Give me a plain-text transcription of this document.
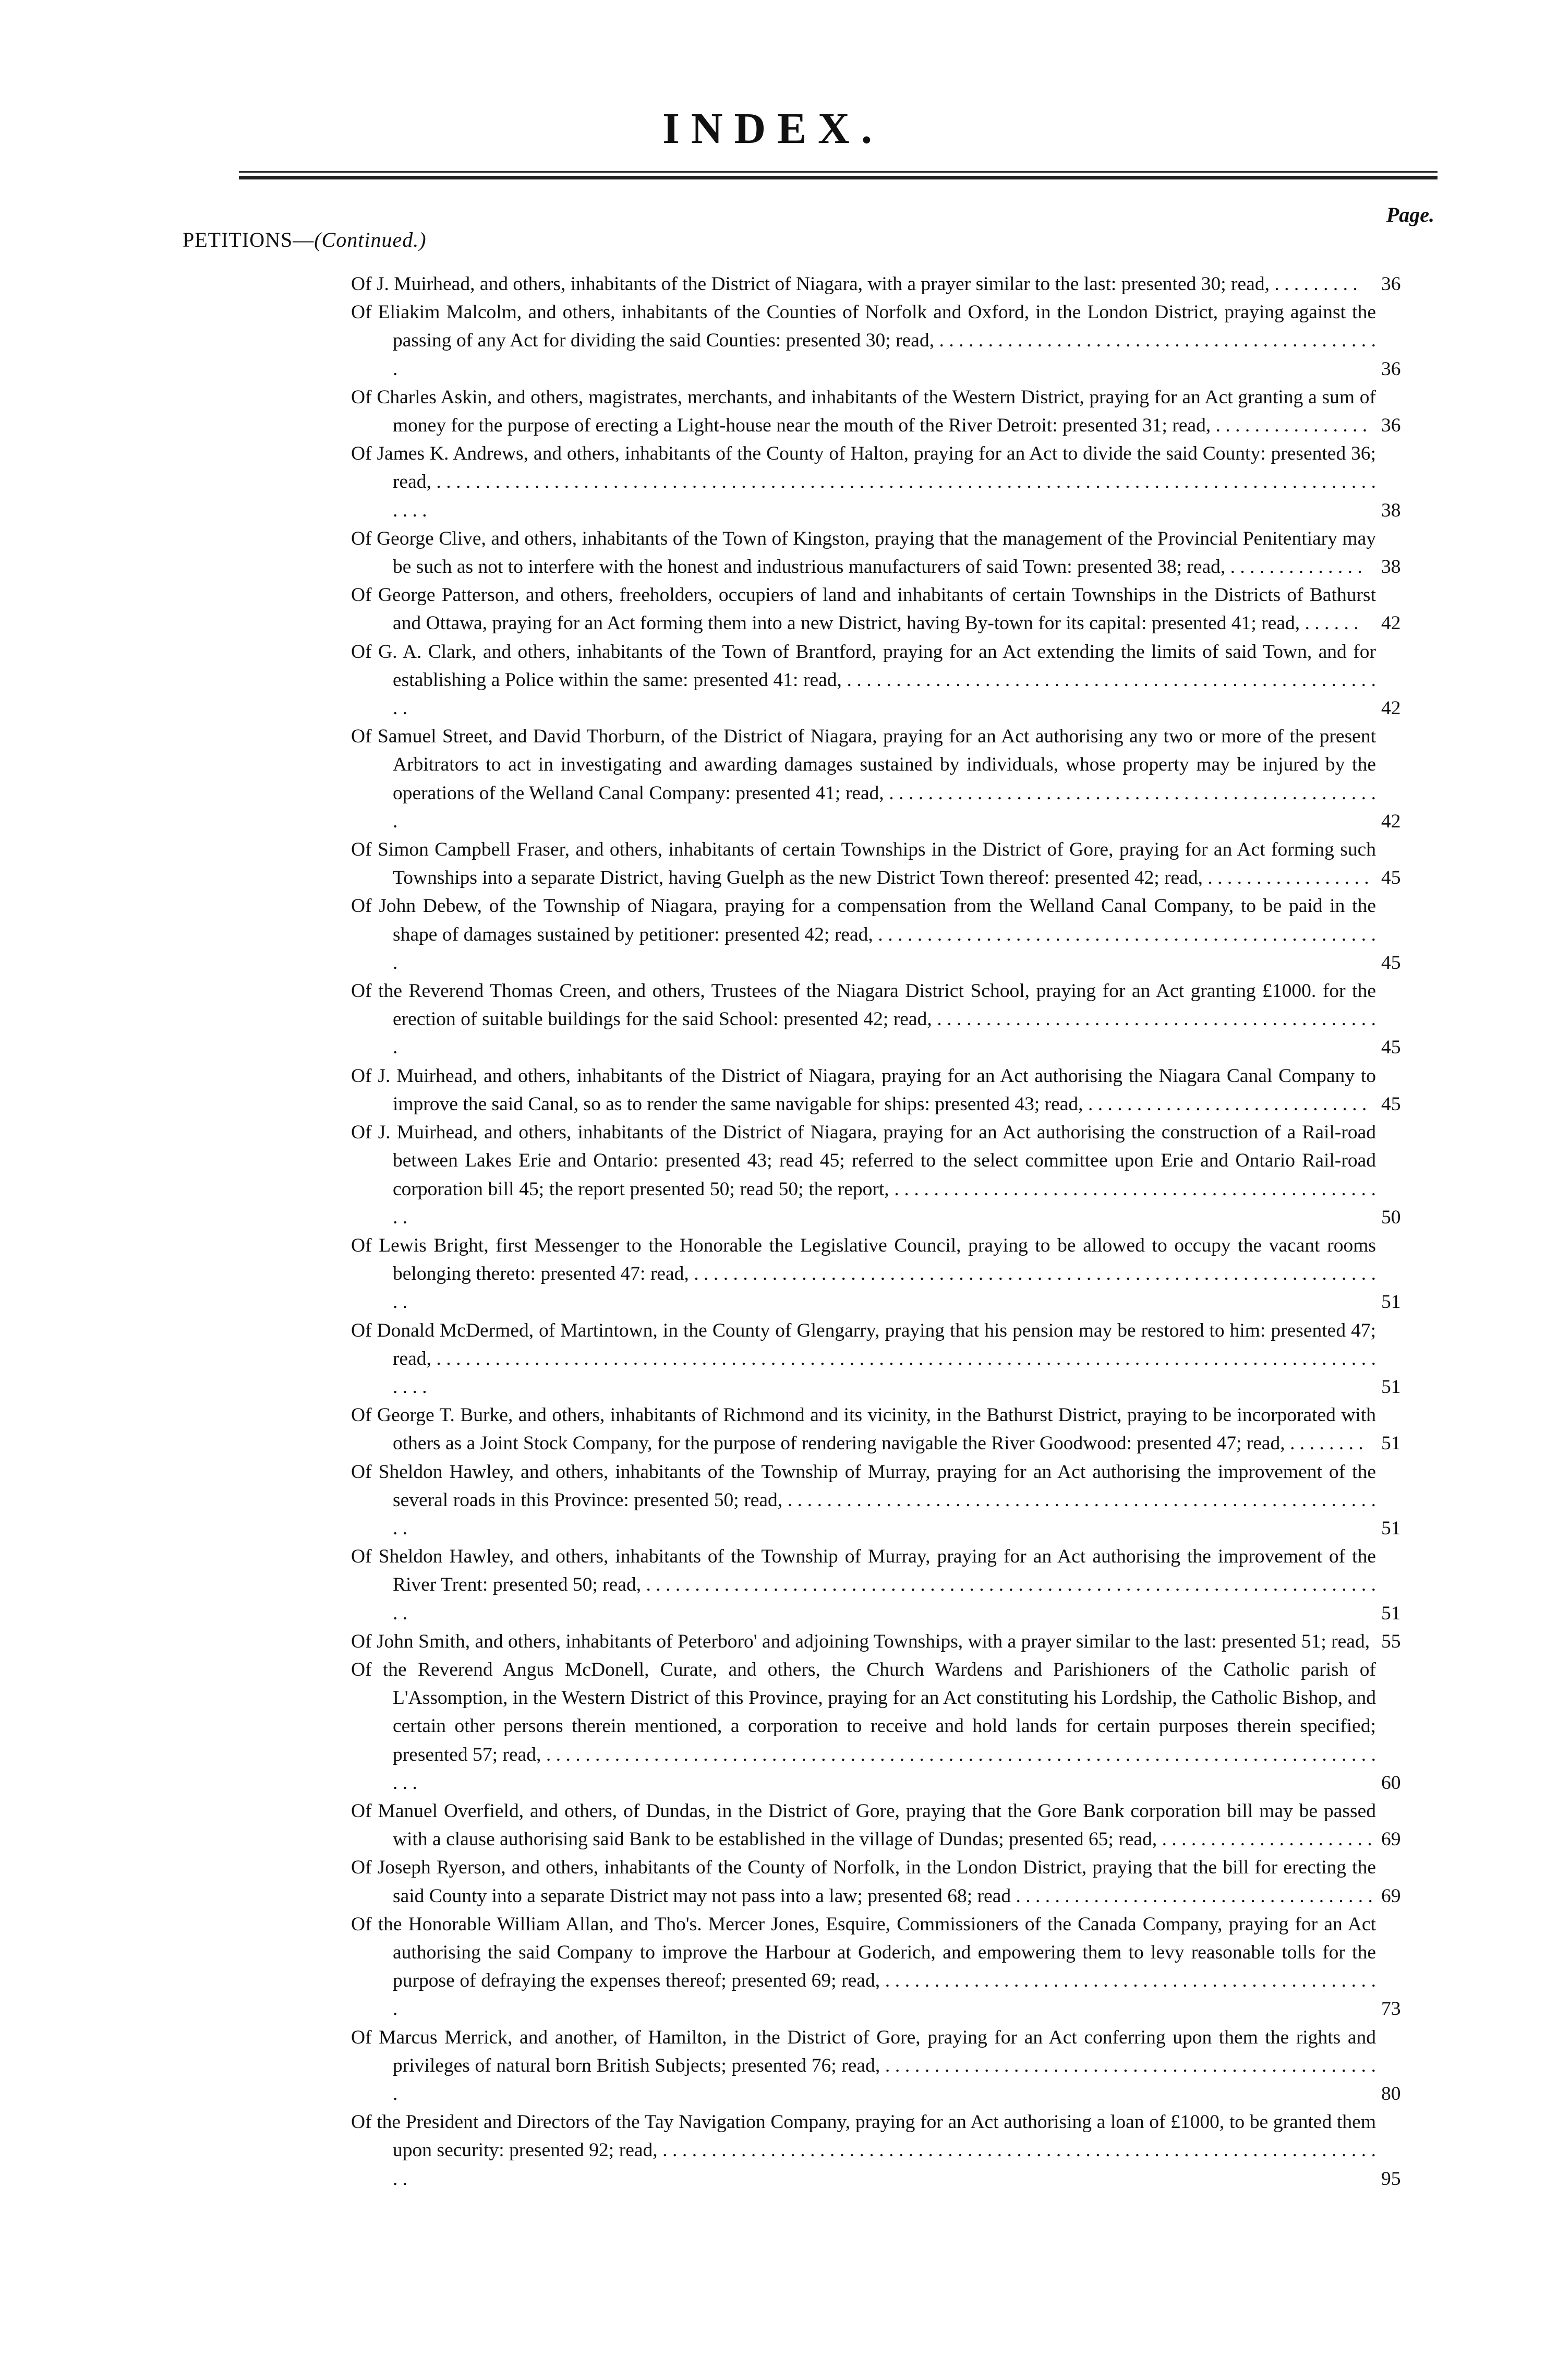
INDEX.
Page.
PETITIONS—(Continued.)
Of J. Muirhead, and others, inhabitants of the District of Niagara, with a prayer similar to the last: presented 30; read, . . . . . . . . . 36
Of Eliakim Malcolm, and others, inhabitants of the Counties of Norfolk and Oxford, in the London District, praying against the passing of any Act for dividing the said Counties: presented 30; read, . . . . . . . . . . . . . . . . . . . . . . . . . . . . . . . . . . . . . . . . . . . . . .	36
Of Charles Askin, and others, magistrates, merchants, and inhabitants of the Western District, praying for an Act granting a sum of money for the purpose of erecting a Light-house near the mouth of the River Detroit: presented 31; read, . . . . . . . . . . . . . . . . 36
Of James K. Andrews, and others, inhabitants of the County of Halton, praying for an Act to divide the said County: presented 36; read, . . . . . . . . . . . . . . . . . . . . . . . . . . . . . . . . . . . . . . . . . . . . . . . . . . . . . . . . . . . . . . . . . . . . . . . . . . . . . . . . . . . . . . . . . . . . . . . . . . . .	38
Of George Clive, and others, inhabitants of the Town of Kingston, praying that the management of the Provincial Penitentiary may be such as not to interfere with the honest and industrious manufacturers of said Town: presented 38; read, . . . . . . . . . . . . . . 38
Of George Patterson, and others, freeholders, occupiers of land and inhabitants of certain Townships in the Districts of Bathurst and Ottawa, praying for an Act forming them into a new District, having By-town for its capital: presented 41; read, . . . . . . 42
Of G. A. Clark, and others, inhabitants of the Town of Brantford, praying for an Act extending the limits of said Town, and for establishing a Police within the same: presented 41: read, . . . . . . . . . . . . . . . . . . . . . . . . . . . . . . . . . . . . . . . . . . . . . . . . . . . . . . . .	42
Of Samuel Street, and David Thorburn, of the District of Niagara, praying for an Act authorising any two or more of the present Arbitrators to act in investigating and awarding damages sustained by individuals, whose property may be injured by the operations of the Welland Canal Company: presented 41; read, . . . . . . . . . . . . . . . . . . . . . . . . . . . . . . . . . . . . . . . . . . . . . . . . . . .	42
Of Simon Campbell Fraser, and others, inhabitants of certain Townships in the District of Gore, praying for an Act forming such Townships into a separate District, having Guelph as the new District Town thereof: presented 42; read, . . . . . . . . . . . . . . . . . 45
Of John Debew, of the Township of Niagara, praying for a compensation from the Welland Canal Company, to be paid in the shape of damages sustained by petitioner: presented 42; read, . . . . . . . . . . . . . . . . . . . . . . . . . . . . . . . . . . . . . . . . . . . . . . . . . . . .	45
Of the Reverend Thomas Creen, and others, Trustees of the Niagara District School, praying for an Act granting £1000. for the erection of suitable buildings for the said School: presented 42; read, . . . . . . . . . . . . . . . . . . . . . . . . . . . . . . . . . . . . . . . . . . . . . .	45
Of J. Muirhead, and others, inhabitants of the District of Niagara, praying for an Act authorising the Niagara Canal Company to improve the said Canal, so as to render the same navigable for ships: presented 43; read, . . . . . . . . . . . . . . . . . . . . . . . . . . . . . 45
Of J. Muirhead, and others, inhabitants of the District of Niagara, praying for an Act authorising the construction of a Rail-road between Lakes Erie and Ontario: presented 43; read 45; referred to the select committee upon Erie and Ontario Rail-road corporation bill 45; the report presented 50; read 50; the report, . . . . . . . . . . . . . . . . . . . . . . . . . . . . . . . . . . . . . . . . . . . . . . . . . . .	50
Of Lewis Bright, first Messenger to the Honorable the Legislative Council, praying to be allowed to occupy the vacant rooms belonging thereto: presented 47: read, . . . . . . . . . . . . . . . . . . . . . . . . . . . . . . . . . . . . . . . . . . . . . . . . . . . . . . . . . . . . . . . . . . . . . . . .	51
Of Donald McDermed, of Martintown, in the County of Glengarry, praying that his pension may be restored to him: presented 47; read, . . . . . . . . . . . . . . . . . . . . . . . . . . . . . . . . . . . . . . . . . . . . . . . . . . . . . . . . . . . . . . . . . . . . . . . . . . . . . . . . . . . . . . . . . . . . . . . . . . . .	51
Of George T. Burke, and others, inhabitants of Richmond and its vicinity, in the Bathurst District, praying to be incorporated with others as a Joint Stock Company, for the purpose of rendering navigable the River Goodwood: presented 47; read, . . . . . . . . 51
Of Sheldon Hawley, and others, inhabitants of the Township of Murray, praying for an Act authorising the improvement of the several roads in this Province: presented 50; read, . . . . . . . . . . . . . . . . . . . . . . . . . . . . . . . . . . . . . . . . . . . . . . . . . . . . . . . . . . . . . .	51
Of Sheldon Hawley, and others, inhabitants of the Township of Murray, praying for an Act authorising the improvement of the River Trent: presented 50; read, . . . . . . . . . . . . . . . . . . . . . . . . . . . . . . . . . . . . . . . . . . . . . . . . . . . . . . . . . . . . . . . . . . . . . . . . . . . . .	51
Of John Smith, and others, inhabitants of Peterboro' and adjoining Townships, with a prayer similar to the last: presented 51; read, 55
Of the Reverend Angus McDonell, Curate, and others, the Church Wardens and Parishioners of the Catholic parish of L'Assomption, in the Western District of this Province, praying for an Act constituting his Lordship, the Catholic Bishop, and certain other persons therein mentioned, a corporation to receive and hold lands for certain purposes therein specified; presented 57; read, . . . . . . . . . . . . . . . . . . . . . . . . . . . . . . . . . . . . . . . . . . . . . . . . . . . . . . . . . . . . . . . . . . . . . . . . . . . . . . . . . . . . . . . .	60
Of Manuel Overfield, and others, of Dundas, in the District of Gore, praying that the Gore Bank corporation bill may be passed with a clause authorising said Bank to be established in the village of Dundas; presented 65; read, . . . . . . . . . . . . . . . . . . . . . . 69
Of Joseph Ryerson, and others, inhabitants of the County of Norfolk, in the London District, praying that the bill for erecting the said County into a separate District may not pass into a law; presented 68; read . . . . . . . . . . . . . . . . . . . . . . . . . . . . . . . . . . . . . 69
Of the Honorable William Allan, and Tho's. Mercer Jones, Esquire, Commissioners of the Canada Company, praying for an Act authorising the said Company to improve the Harbour at Goderich, and empowering them to levy reasonable tolls for the purpose of defraying the expenses thereof; presented 69; read, . . . . . . . . . . . . . . . . . . . . . . . . . . . . . . . . . . . . . . . . . . . . . . . . . . .	73
Of Marcus Merrick, and another, of Hamilton, in the District of Gore, praying for an Act conferring upon them the rights and privileges of natural born British Subjects; presented 76; read, . . . . . . . . . . . . . . . . . . . . . . . . . . . . . . . . . . . . . . . . . . . . . . . . . . .	80
Of the President and Directors of the Tay Navigation Company, praying for an Act authorising a loan of £1000, to be granted them upon security: presented 92; read, . . . . . . . . . . . . . . . . . . . . . . . . . . . . . . . . . . . . . . . . . . . . . . . . . . . . . . . . . . . . . . . . . . . . . . . . . . .	95
